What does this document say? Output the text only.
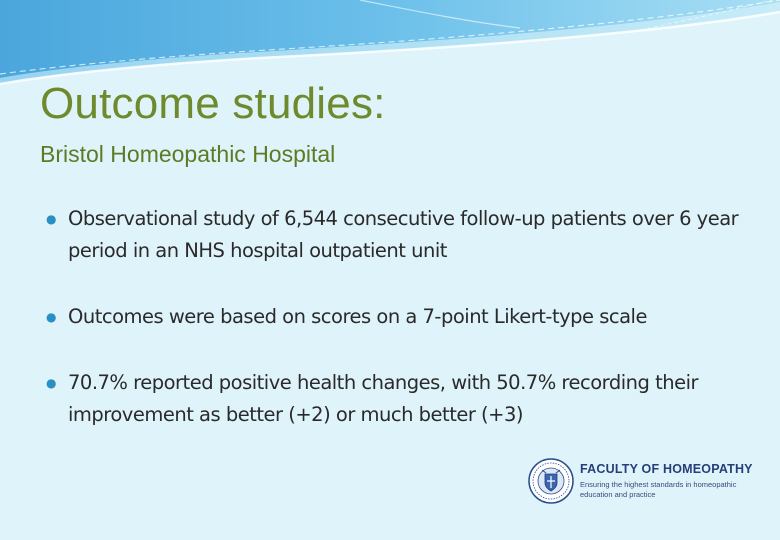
Outcome studies:
Bristol Homeopathic Hospital
● Observational study of 6,544 consecutive follow-up patients over 6 year period in an NHS hospital outpatient unit
● Outcomes were based on scores on a 7-point Likert-type scale
● 70.7% reported positive health changes, with 50.7% recording their improvement as better (+2) or much better (+3)
FACULTY OF HOMEOPATHY
Ensuring the highest standards in homeopathic education and practice
